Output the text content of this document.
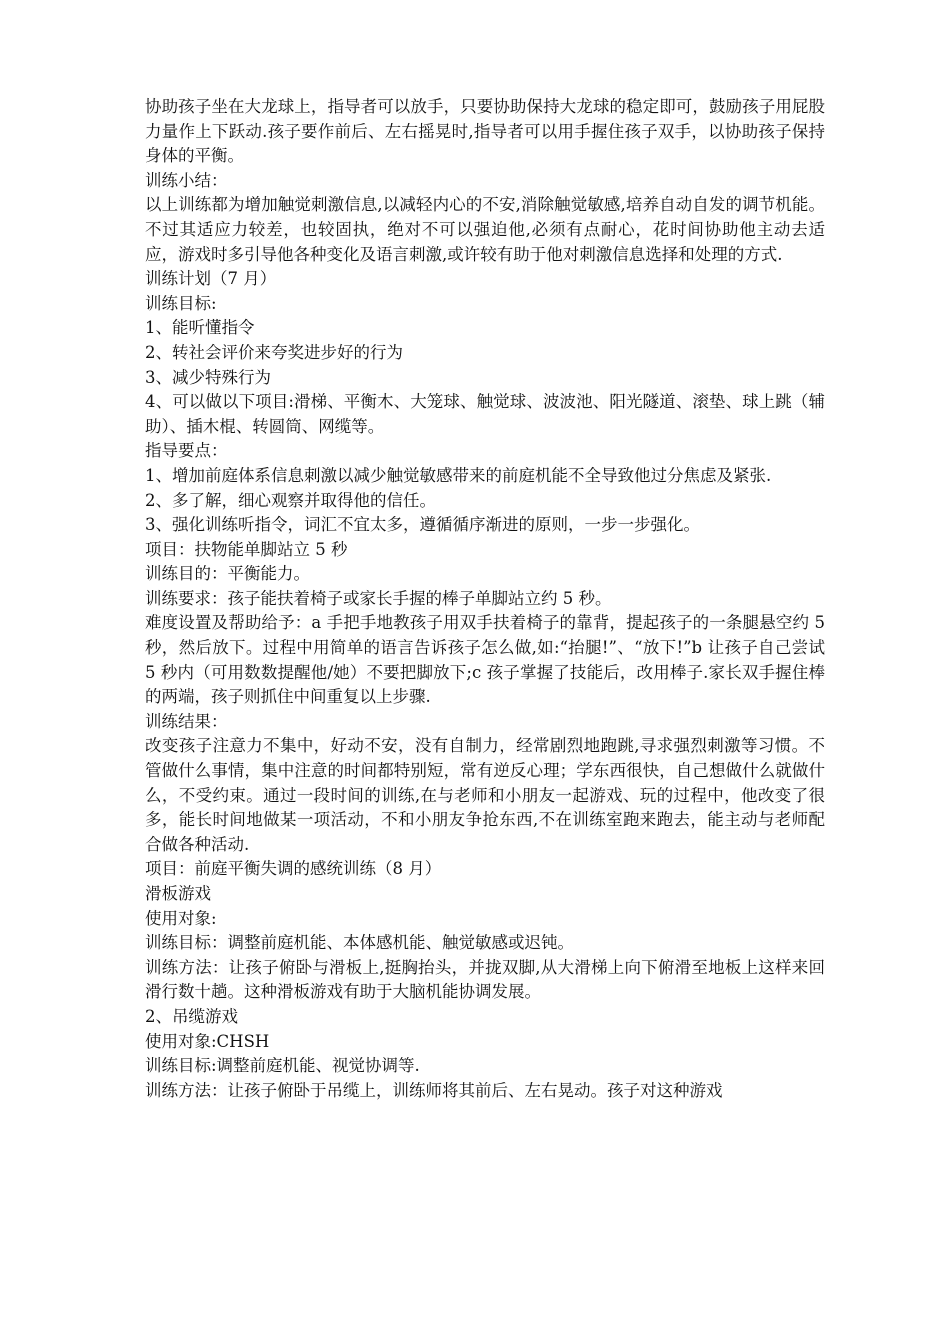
协助孩子坐在大龙球上，指导者可以放手，只要协助保持大龙球的稳定即可，鼓励孩子用屁股力量作上下跃动.孩子要作前后、左右摇晃时,指导者可以用手握住孩子双手，以协助孩子保持身体的平衡。

训练小结：

以上训练都为增加触觉刺激信息,以减轻内心的不安,消除触觉敏感,培养自动自发的调节机能。不过其适应力较差，也较固执，绝对不可以强迫他,必须有点耐心，花时间协助他主动去适应，游戏时多引导他各种变化及语言刺激,或许较有助于他对刺激信息选择和处理的方式.

训练计划（7 月）

训练目标:

1、能听懂指令

2、转社会评价来夸奖进步好的行为

3、减少特殊行为

4、可以做以下项目:滑梯、平衡木、大笼球、触觉球、波波池、阳光隧道、滚垫、球上跳（辅助）、插木棍、转圆筒、网缆等。

指导要点：

1、增加前庭体系信息刺激以减少触觉敏感带来的前庭机能不全导致他过分焦虑及紧张.

2、多了解，细心观察并取得他的信任。

3、强化训练听指令，词汇不宜太多，遵循循序渐进的原则，一步一步强化。

项目：扶物能单脚站立 5 秒

训练目的：平衡能力。

训练要求：孩子能扶着椅子或家长手握的棒子单脚站立约 5 秒。

难度设置及帮助给予：a 手把手地教孩子用双手扶着椅子的靠背，提起孩子的一条腿悬空约 5 秒，然后放下。过程中用简单的语言告诉孩子怎么做,如:“抬腿!”、“放下!”b 让孩子自己尝试 5 秒内（可用数数提醒他/她）不要把脚放下;c 孩子掌握了技能后，改用棒子.家长双手握住棒的两端，孩子则抓住中间重复以上步骤.

训练结果：

改变孩子注意力不集中，好动不安，没有自制力，经常剧烈地跑跳,寻求强烈刺激等习惯。不管做什么事情，集中注意的时间都特别短，常有逆反心理；学东西很快，自己想做什么就做什么，不受约束。通过一段时间的训练,在与老师和小朋友一起游戏、玩的过程中，他改变了很多，能长时间地做某一项活动，不和小朋友争抢东西,不在训练室跑来跑去，能主动与老师配合做各种活动.

项目：前庭平衡失调的感统训练（8 月）

滑板游戏

使用对象:

训练目标：调整前庭机能、本体感机能、触觉敏感或迟钝。

训练方法：让孩子俯卧与滑板上,挺胸抬头，并拢双脚,从大滑梯上向下俯滑至地板上这样来回滑行数十趟。这种滑板游戏有助于大脑机能协调发展。

2、吊缆游戏

使用对象:CHSH

训练目标:调整前庭机能、视觉协调等.

训练方法：让孩子俯卧于吊缆上，训练师将其前后、左右晃动。孩子对这种游戏
